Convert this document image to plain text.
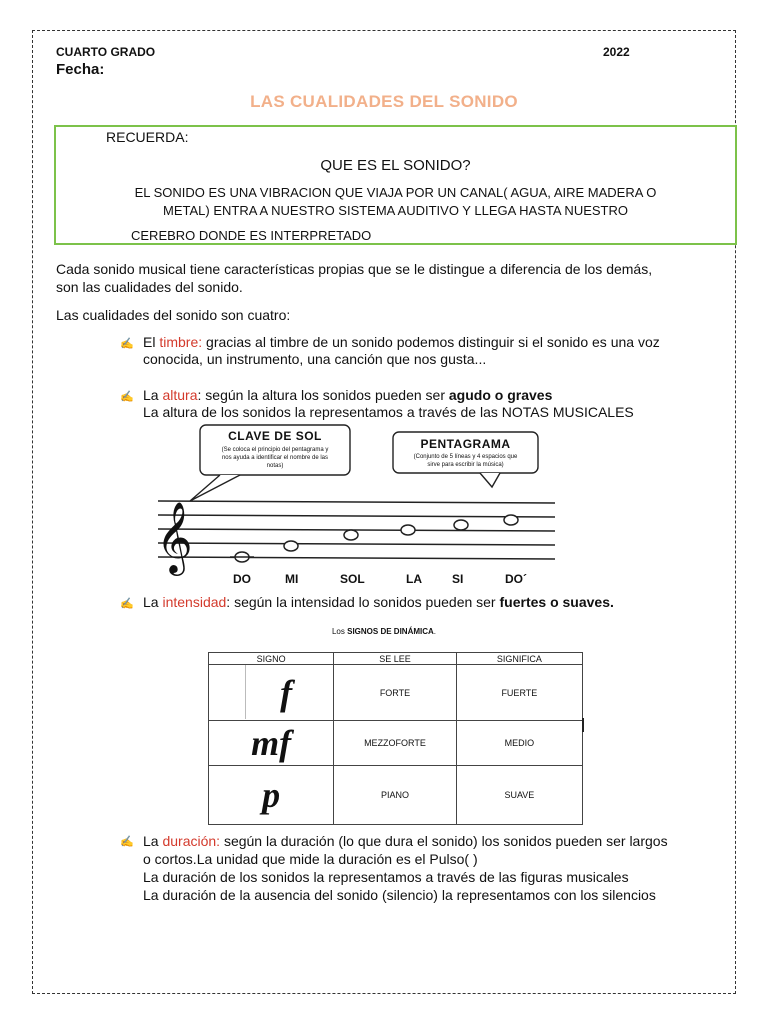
CUARTO GRADO	2022
Fecha:
LAS CUALIDADES DEL SONIDO
RECUERDA:
QUE ES EL SONIDO?
EL SONIDO ES UNA VIBRACION QUE VIAJA POR UN CANAL( AGUA, AIRE MADERA O
METAL) ENTRA A NUESTRO SISTEMA AUDITIVO Y LLEGA HASTA NUESTRO
CEREBRO DONDE ES INTERPRETADO
Cada sonido musical tiene características propias que se le distingue a diferencia de los demás,
son las cualidades del sonido.
Las cualidades del sonido son cuatro:
✍ El timbre: gracias al timbre de un sonido podemos distinguir si el sonido es una voz
conocida, un instrumento, una canción que nos gusta...
✍ La altura: según la altura los sonidos pueden ser agudo o graves
La altura de los sonidos la representamos a través de las NOTAS MUSICALES
𝄞
CLAVE DE SOL
(Se coloca el principio del pentagrama y
nos ayuda a identificar el nombre de las
notas)
PENTAGRAMA
(Conjunto de 5 líneas y 4 espacios que
sirve para escribir la música)
DO	MI	SOL	LA	SI	DO´
✍ La intensidad: según la intensidad lo sonidos pueden ser fuertes o suaves.
Los SIGNOS DE DINÁMICA.
SIGNO	SE LEE	SIGNIFICA
f	FORTE	FUERTE
mf	MEZZOFORTE	MEDIO
p	PIANO	SUAVE
✍ La duración: según la duración (lo que dura el sonido) los sonidos pueden ser largos
o cortos.La unidad que mide la duración es el Pulso( )
La duración de los sonidos la representamos a través de las figuras musicales
La duración de la ausencia del sonido (silencio) la representamos con los silencios
